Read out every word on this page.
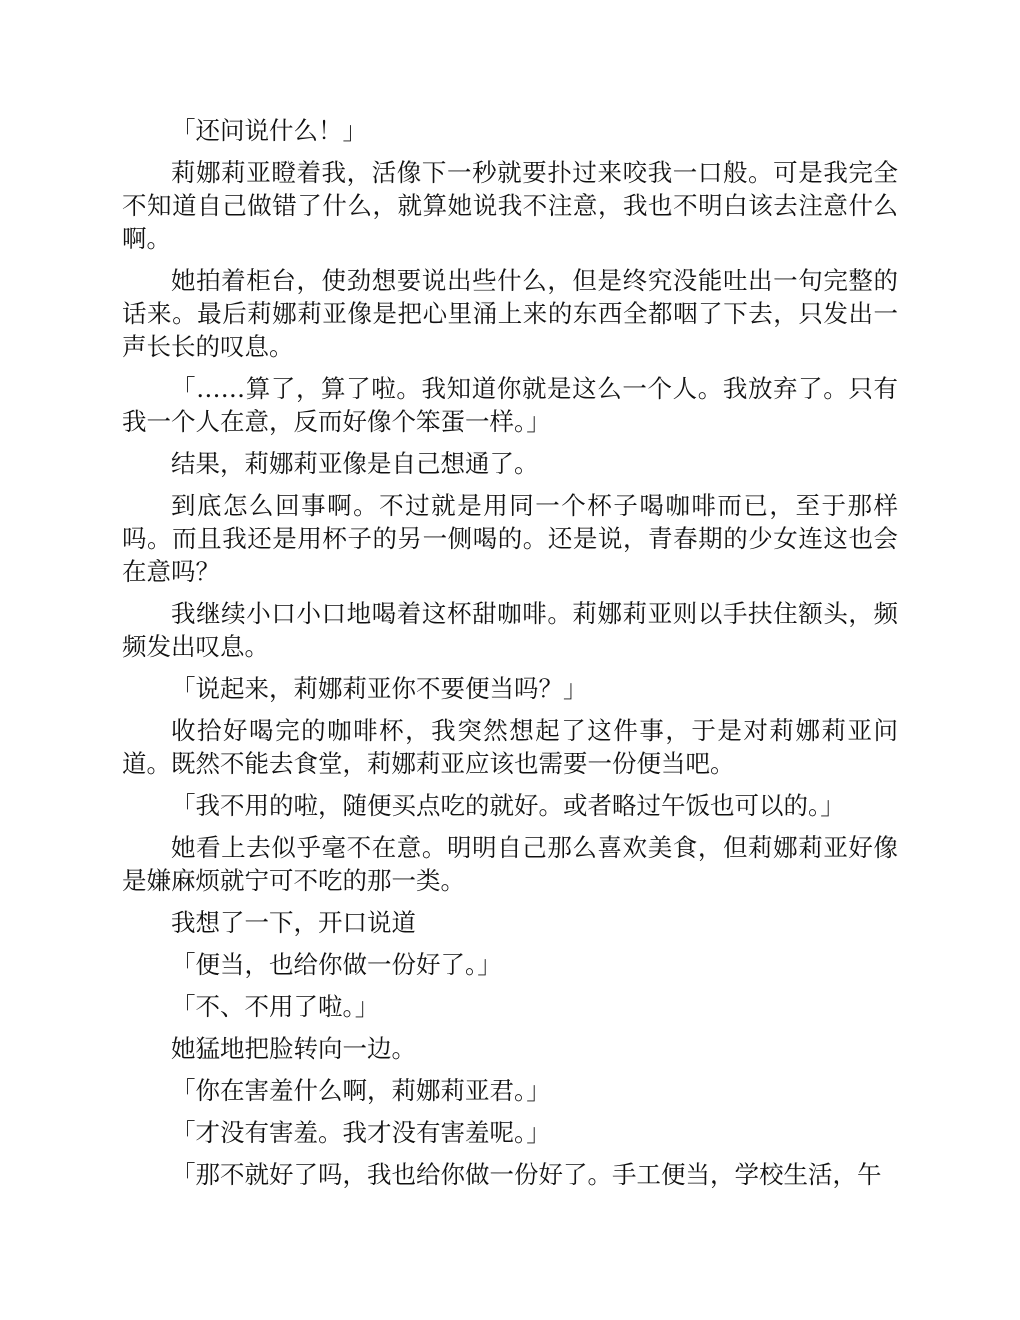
「还问说什么！」

莉娜莉亚瞪着我，活像下一秒就要扑过来咬我一口般。可是我完全不知道自己做错了什么，就算她说我不注意，我也不明白该去注意什么啊。

她拍着柜台，使劲想要说出些什么，但是终究没能吐出一句完整的话来。最后莉娜莉亚像是把心里涌上来的东西全都咽了下去，只发出一声长长的叹息。

「……算了，算了啦。我知道你就是这么一个人。我放弃了。只有我一个人在意，反而好像个笨蛋一样。」

结果，莉娜莉亚像是自己想通了。

到底怎么回事啊。不过就是用同一个杯子喝咖啡而已，至于那样吗。而且我还是用杯子的另一侧喝的。还是说，青春期的少女连这也会在意吗？

我继续小口小口地喝着这杯甜咖啡。莉娜莉亚则以手扶住额头，频频发出叹息。

「说起来，莉娜莉亚你不要便当吗？」

收拾好喝完的咖啡杯，我突然想起了这件事，于是对莉娜莉亚问道。既然不能去食堂，莉娜莉亚应该也需要一份便当吧。

「我不用的啦，随便买点吃的就好。或者略过午饭也可以的。」

她看上去似乎毫不在意。明明自己那么喜欢美食，但莉娜莉亚好像是嫌麻烦就宁可不吃的那一类。

我想了一下，开口说道

「便当，也给你做一份好了。」

「不、不用了啦。」

她猛地把脸转向一边。

「你在害羞什么啊，莉娜莉亚君。」

「才没有害羞。我才没有害羞呢。」

「那不就好了吗，我也给你做一份好了。手工便当，学校生活，午
